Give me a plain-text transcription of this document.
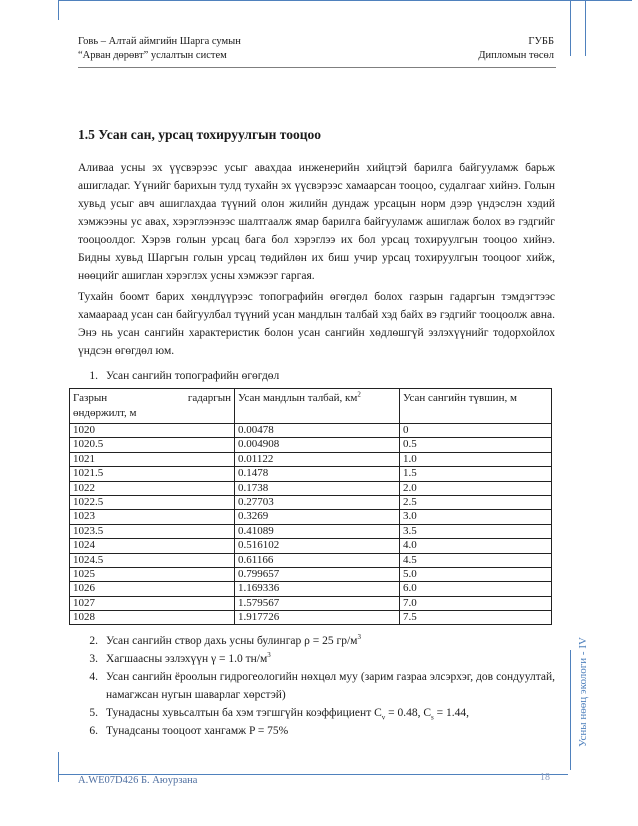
Говь – Алтай аймгийн Шарга сумын	ГУББ
“Арван дөрөвт” услалтын систем	Дипломын төсөл
1.5 Усан сан, урсац тохируулгын тооцоо
Аливаа усны эх үүсвэрээс усыг авахдаа инженерийн хийцтэй барилга байгууламж барьж ашигладаг. Үүнийг барихын тулд тухайн эх үүсвэрээс хамаарсан тооцоо, судалгааг хийнэ. Голын хувьд усыг авч ашиглахдаа түүний олон жилийн дундаж урсацын норм дээр үндэслэн хэдий хэмжээны ус авах, хэрэглээнээс шалтгаалж ямар барилга байгууламж ашиглаж болох вэ гэдгийг тооцоолдог. Хэрэв голын урсац бага бол хэрэглээ их бол урсац тохируулгын тооцоо хийнэ. Бидны хувьд Шаргын голын урсац төдийлөн их биш учир урсац тохируулгын тооцоог хийж, нөөцийг ашиглан хэрэглэх усны хэмжээг гаргая.
Тухайн боомт барих хөндлүүрээс топографийн өгөгдөл болох газрын гадаргын тэмдэгтээс хамаараад усан сан байгуулбал түүний усан мандлын талбай хэд байх вэ гэдгийг тооцоолж авна. Энэ нь усан сангийн характеристик болон усан сангийн хөдлөшгүй эзлэхүүнийг тодорхойлох үндсэн өгөгдөл юм.
1. Усан сангийн топографийн өгөгдөл
Газрын гадаргын
өндөржилт, м	Усан мандлын талбай, $км^2$	Усан сангийн түвшин, м
1020	0.00478	0
1020.5	0.004908	0.5
1021	0.01122	1.0
1021.5	0.1478	1.5
1022	0.1738	2.0
1022.5	0.27703	2.5
1023	0.3269	3.0
1023.5	0.41089	3.5
1024	0.516102	4.0
1024.5	0.61166	4.5
1025	0.799657	5.0
1026	1.169336	6.0
1027	1.579567	7.0
1028	1.917726	7.5
2. Усан сангийн створ дахь усны булингар ρ = 25 $гр/м^3$
3. Хагшаасны эзлэхүүн γ = 1.0 $тн/м^3$
4. Усан сангийн ёроолын гидрогеологийн нөхцөл муу (зарим газраа элсэрхэг, дов сондуултай, намагжсан нугын шаварлаг хөрстэй)
5. Тунадасны хувьсалтын ба хэм тэгшгүйн коэффициент $C_v = 0.48$, $C_s = 1.44$,
6. Тунадсаны тооцоот хангамж P = 75%	Усны нөөц экологи - IV
A.WE07D426 Б. Аюурзана	18
